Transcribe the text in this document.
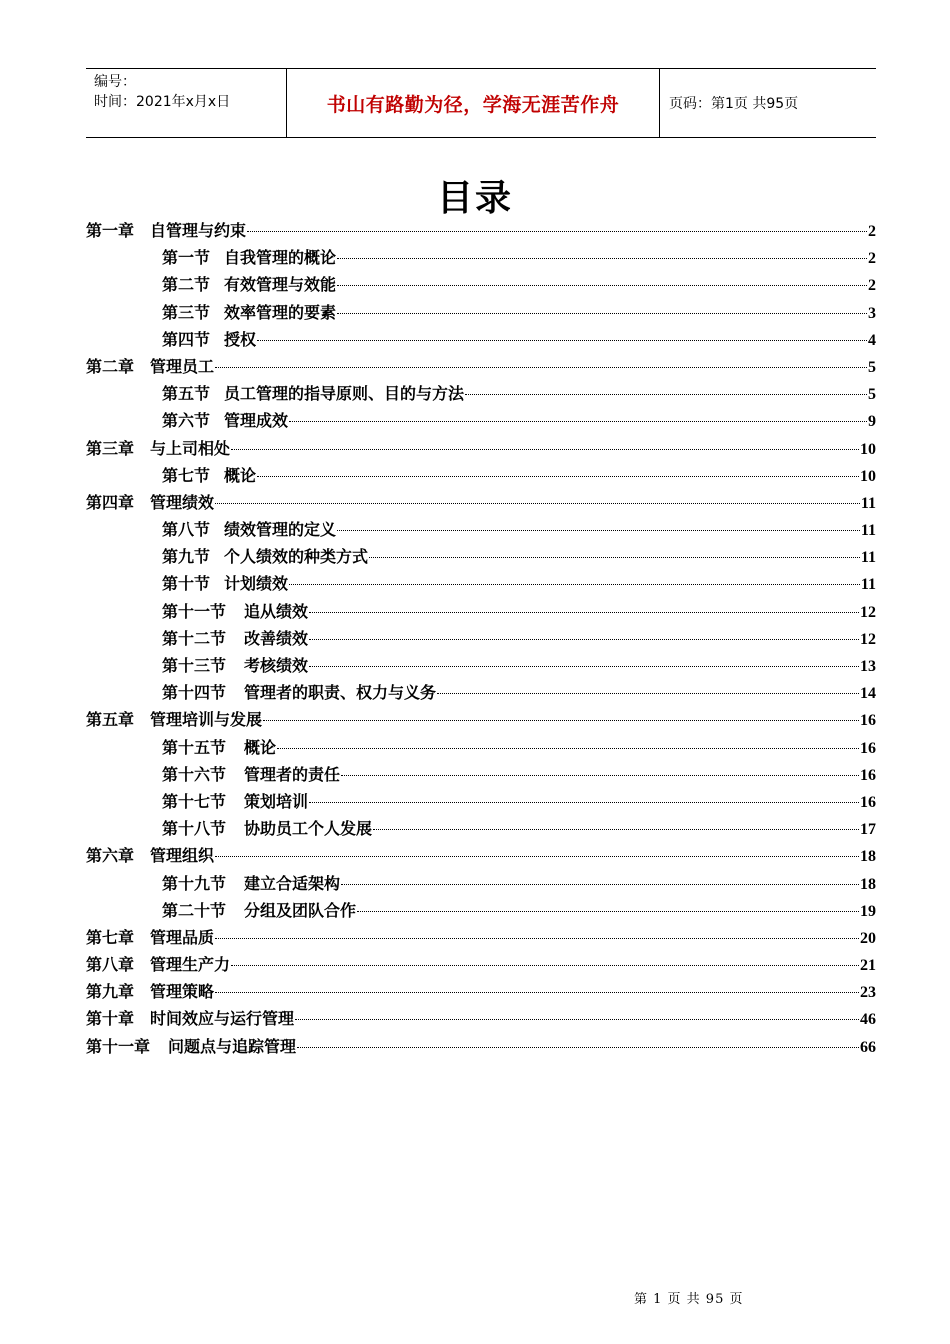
编号：
时间：2021年x月x日	书山有路勤为径，学海无涯苦作舟	页码：第1页 共95页
目录
第一章 自管理与约束	2
第一节 自我管理的概论	2
第二节 有效管理与效能	2
第三节 效率管理的要素	3
第四节 授权	4
第二章 管理员工	5
第五节 员工管理的指导原则、目的与方法	5
第六节 管理成效	9
第三章 与上司相处	10
第七节 概论	10
第四章 管理绩效	11
第八节 绩效管理的定义	11
第九节 个人绩效的种类方式	11
第十节 计划绩效	11
第十一节 追从绩效	12
第十二节 改善绩效	12
第十三节 考核绩效	13
第十四节 管理者的职责、权力与义务	14
第五章 管理培训与发展	16
第十五节 概论	16
第十六节 管理者的责任	16
第十七节 策划培训	16
第十八节 协助员工个人发展	17
第六章 管理组织	18
第十九节 建立合适架构	18
第二十节 分组及团队合作	19
第七章 管理品质	20
第八章 管理生产力	21
第九章 管理策略	23
第十章 时间效应与运行管理	46
第十一章 问题点与追踪管理	66
第 1 页 共 95 页
